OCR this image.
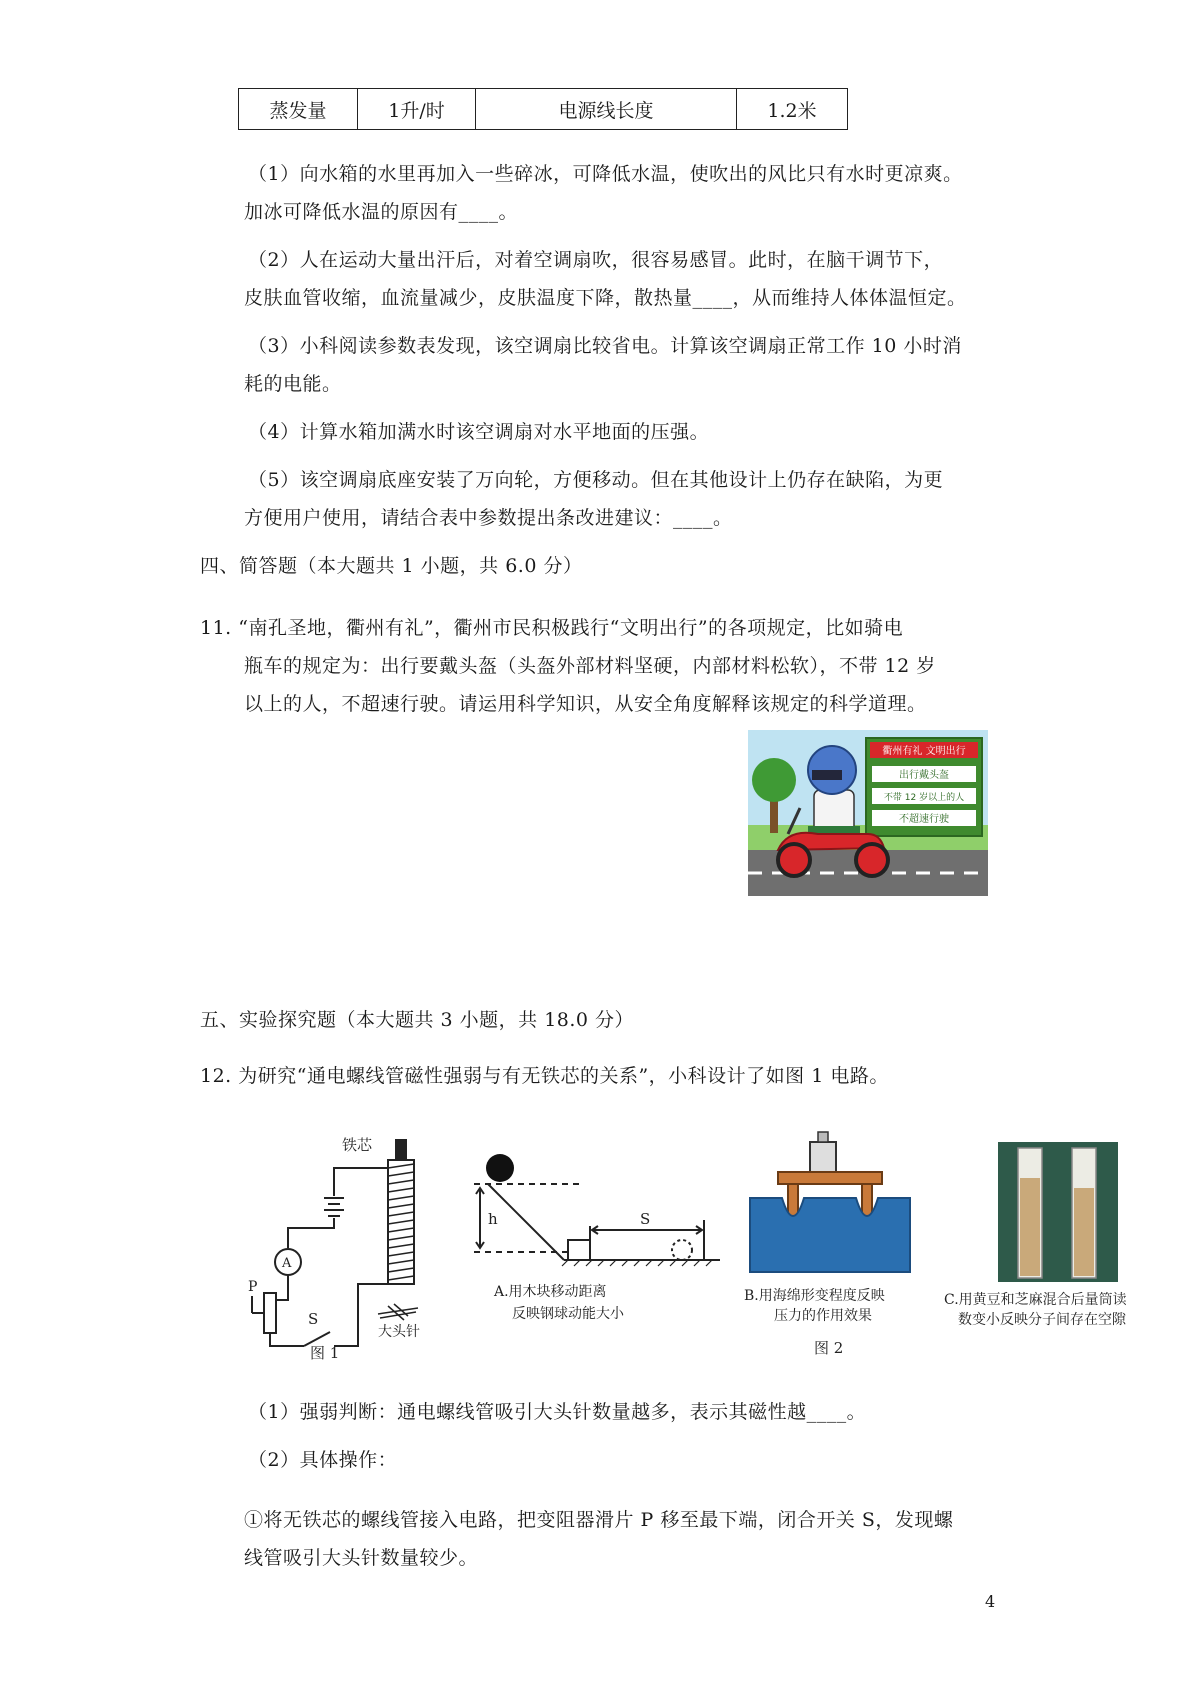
蒸发量	1升/时	电源线长度	1.2米
（1）向水箱的水里再加入一些碎冰，可降低水温，使吹出的风比只有水时更凉爽。
加冰可降低水温的原因有____。
（2）人在运动大量出汗后，对着空调扇吹，很容易感冒。此时，在脑干调节下，
皮肤血管收缩，血流量减少，皮肤温度下降，散热量____，从而维持人体体温恒定。
（3）小科阅读参数表发现，该空调扇比较省电。计算该空调扇正常工作 10 小时消
耗的电能。
（4）计算水箱加满水时该空调扇对水平地面的压强。
（5）该空调扇底座安装了万向轮，方便移动。但在其他设计上仍存在缺陷，为更
方便用户使用，请结合表中参数提出条改进建议：____。
四、简答题（本大题共 1 小题，共 6.0 分）
11. “南孔圣地，衢州有礼”，衢州市民积极践行“文明出行”的各项规定，比如骑电
瓶车的规定为：出行要戴头盔（头盔外部材料坚硬，内部材料松软），不带 12 岁
以上的人，不超速行驶。请运用科学知识，从安全角度解释该规定的科学道理。
衢州有礼 文明出行
出行戴头盔
不带 12 岁以上的人
不超速行驶
五、实验探究题（本大题共 3 小题，共 18.0 分）
12. 为研究“通电螺线管磁性强弱与有无铁芯的关系”，小科设计了如图 1 电路。
铁芯
A
P
S
大头针
图 1
h	S
A.用木块移动距离
反映钢球动能大小
B.用海绵形变程度反映
压力的作用效果
图 2
C.用黄豆和芝麻混合后量筒读
数变小反映分子间存在空隙
（1）强弱判断：通电螺线管吸引大头针数量越多，表示其磁性越____。
（2）具体操作：
①将无铁芯的螺线管接入电路，把变阻器滑片 P 移至最下端，闭合开关 S，发现螺
线管吸引大头针数量较少。
4
